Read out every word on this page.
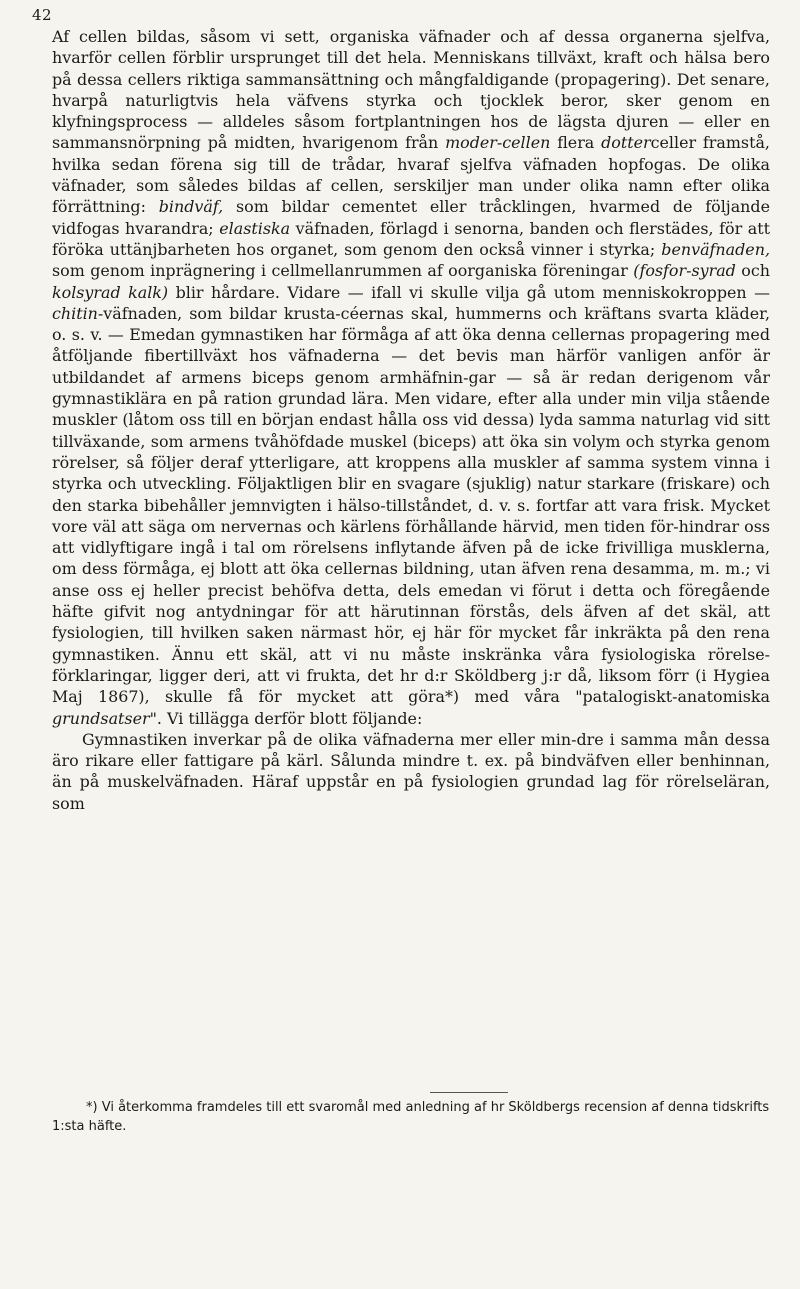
42

Af cellen bildas, såsom vi sett, organiska väfnader och af dessa organerna sjelfva, hvarför cellen förblir ursprunget till det hela. Menniskans tillväxt, kraft och hälsa bero på dessa cellers riktiga sammansättning och mångfaldigande (propagering). Det senare, hvarpå naturligtvis hela väfvens styrka och tjocklek beror, sker genom en klyfningsprocess — alldeles såsom fortplantningen hos de lägsta djuren — eller en sammansnörpning på midten, hvarigenom från moder-cellen flera dotterceller framstå, hvilka sedan förena sig till de trådar, hvaraf sjelfva väfnaden hopfogas. De olika väfnader, som således bildas af cellen, serskiljer man under olika namn efter olika förrättning: bindväf, som bildar cementet eller tråcklingen, hvarmed de följande vidfogas hvarandra; elastiska väfnaden, förlagd i senorna, banden och flerstädes, för att föröka uttänjbarheten hos organet, som genom den också vinner i styrka; benväfnaden, som genom inprägnering i cellmellanrummen af oorganiska föreningar (fosfor-syrad och kolsyrad kalk) blir hårdare. Vidare — ifall vi skulle vilja gå utom menniskokroppen — chitin-väfnaden, som bildar krusta-céernas skal, hummerns och kräftans svarta kläder, o. s. v. — Emedan gymnastiken har förmåga af att öka denna cellernas propagering med åtföljande fibertillväxt hos väfnaderna — det bevis man härför vanligen anför är utbildandet af armens biceps genom armhäfnin-gar — så är redan derigenom vår gymnastiklära en på ration grundad lära. Men vidare, efter alla under min vilja stående muskler (låtom oss till en början endast hålla oss vid dessa) lyda samma naturlag vid sitt tillväxande, som armens tvåhöfdade muskel (biceps) att öka sin volym och styrka genom rörelser, så följer deraf ytterligare, att kroppens alla muskler af samma system vinna i styrka och utveckling. Följaktligen blir en svagare (sjuklig) natur starkare (friskare) och den starka bibehåller jemnvigten i hälso-tillståndet, d. v. s. fortfar att vara frisk. Mycket vore väl att säga om nervernas och kärlens förhållande härvid, men tiden för-hindrar oss att vidlyftigare ingå i tal om rörelsens inflytande äfven på de icke frivilliga musklerna, om dess förmåga, ej blott att öka cellernas bildning, utan äfven rena desamma, m. m.; vi anse oss ej heller precist behöfva detta, dels emedan vi förut i detta och föregående häfte gifvit nog antydningar för att härutinnan förstås, dels äfven af det skäl, att fysiologien, till hvilken saken närmast hör, ej här för mycket får inkräkta på den rena gymnastiken. Ännu ett skäl, att vi nu måste inskränka våra fysiologiska rörelse-förklaringar, ligger deri, att vi frukta, det hr d:r Sköldberg j:r då, liksom förr (i Hygiea Maj 1867), skulle få för mycket att göra*) med våra "patalogiskt-anatomiska grundsatser". Vi tillägga derför blott följande:

Gymnastiken inverkar på de olika väfnaderna mer eller min-dre i samma mån dessa äro rikare eller fattigare på kärl. Sålunda mindre t. ex. på bindväfven eller benhinnan, än på muskelväfnaden. Häraf uppstår en på fysiologien grundad lag för rörelseläran, som

*) Vi återkomma framdeles till ett svaromål med anledning af hr Sköldbergs recension af denna tidskrifts 1:sta häfte.
